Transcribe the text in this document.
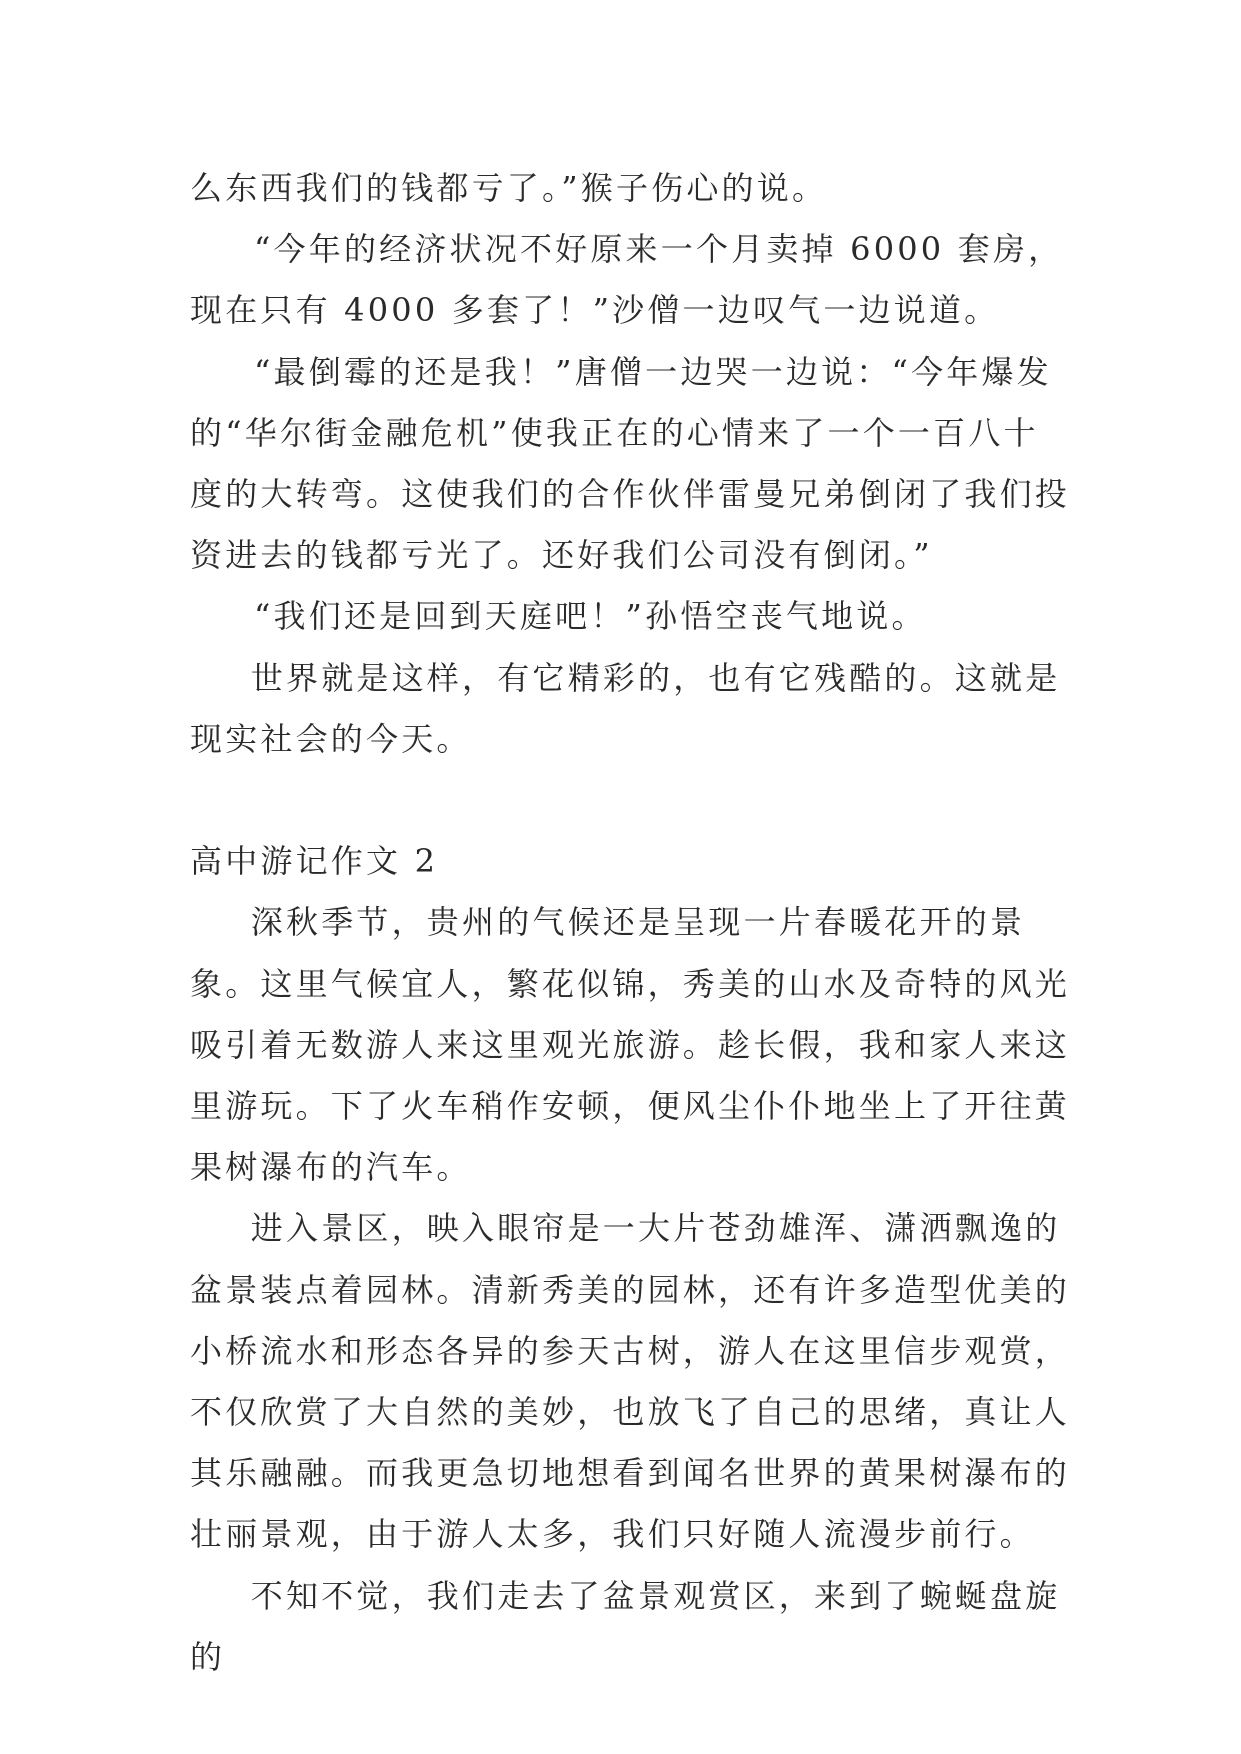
么东西我们的钱都亏了。”猴子伤心的说。

“今年的经济状况不好原来一个月卖掉 6000 套房，现在只有 4000 多套了！”沙僧一边叹气一边说道。

“最倒霉的还是我！”唐僧一边哭一边说：“今年爆发的“华尔街金融危机”使我正在的心情来了一个一百八十度的大转弯。这使我们的合作伙伴雷曼兄弟倒闭了我们投资进去的钱都亏光了。还好我们公司没有倒闭。”

“我们还是回到天庭吧！”孙悟空丧气地说。

世界就是这样，有它精彩的，也有它残酷的。这就是现实社会的今天。

高中游记作文 2

深秋季节，贵州的气候还是呈现一片春暖花开的景象。这里气候宜人，繁花似锦，秀美的山水及奇特的风光吸引着无数游人来这里观光旅游。趁长假，我和家人来这里游玩。下了火车稍作安顿，便风尘仆仆地坐上了开往黄果树瀑布的汽车。

进入景区，映入眼帘是一大片苍劲雄浑、潇洒飘逸的盆景装点着园林。清新秀美的园林，还有许多造型优美的小桥流水和形态各异的参天古树，游人在这里信步观赏，不仅欣赏了大自然的美妙，也放飞了自己的思绪，真让人其乐融融。而我更急切地想看到闻名世界的黄果树瀑布的壮丽景观，由于游人太多，我们只好随人流漫步前行。

不知不觉，我们走去了盆景观赏区，来到了蜿蜒盘旋的
